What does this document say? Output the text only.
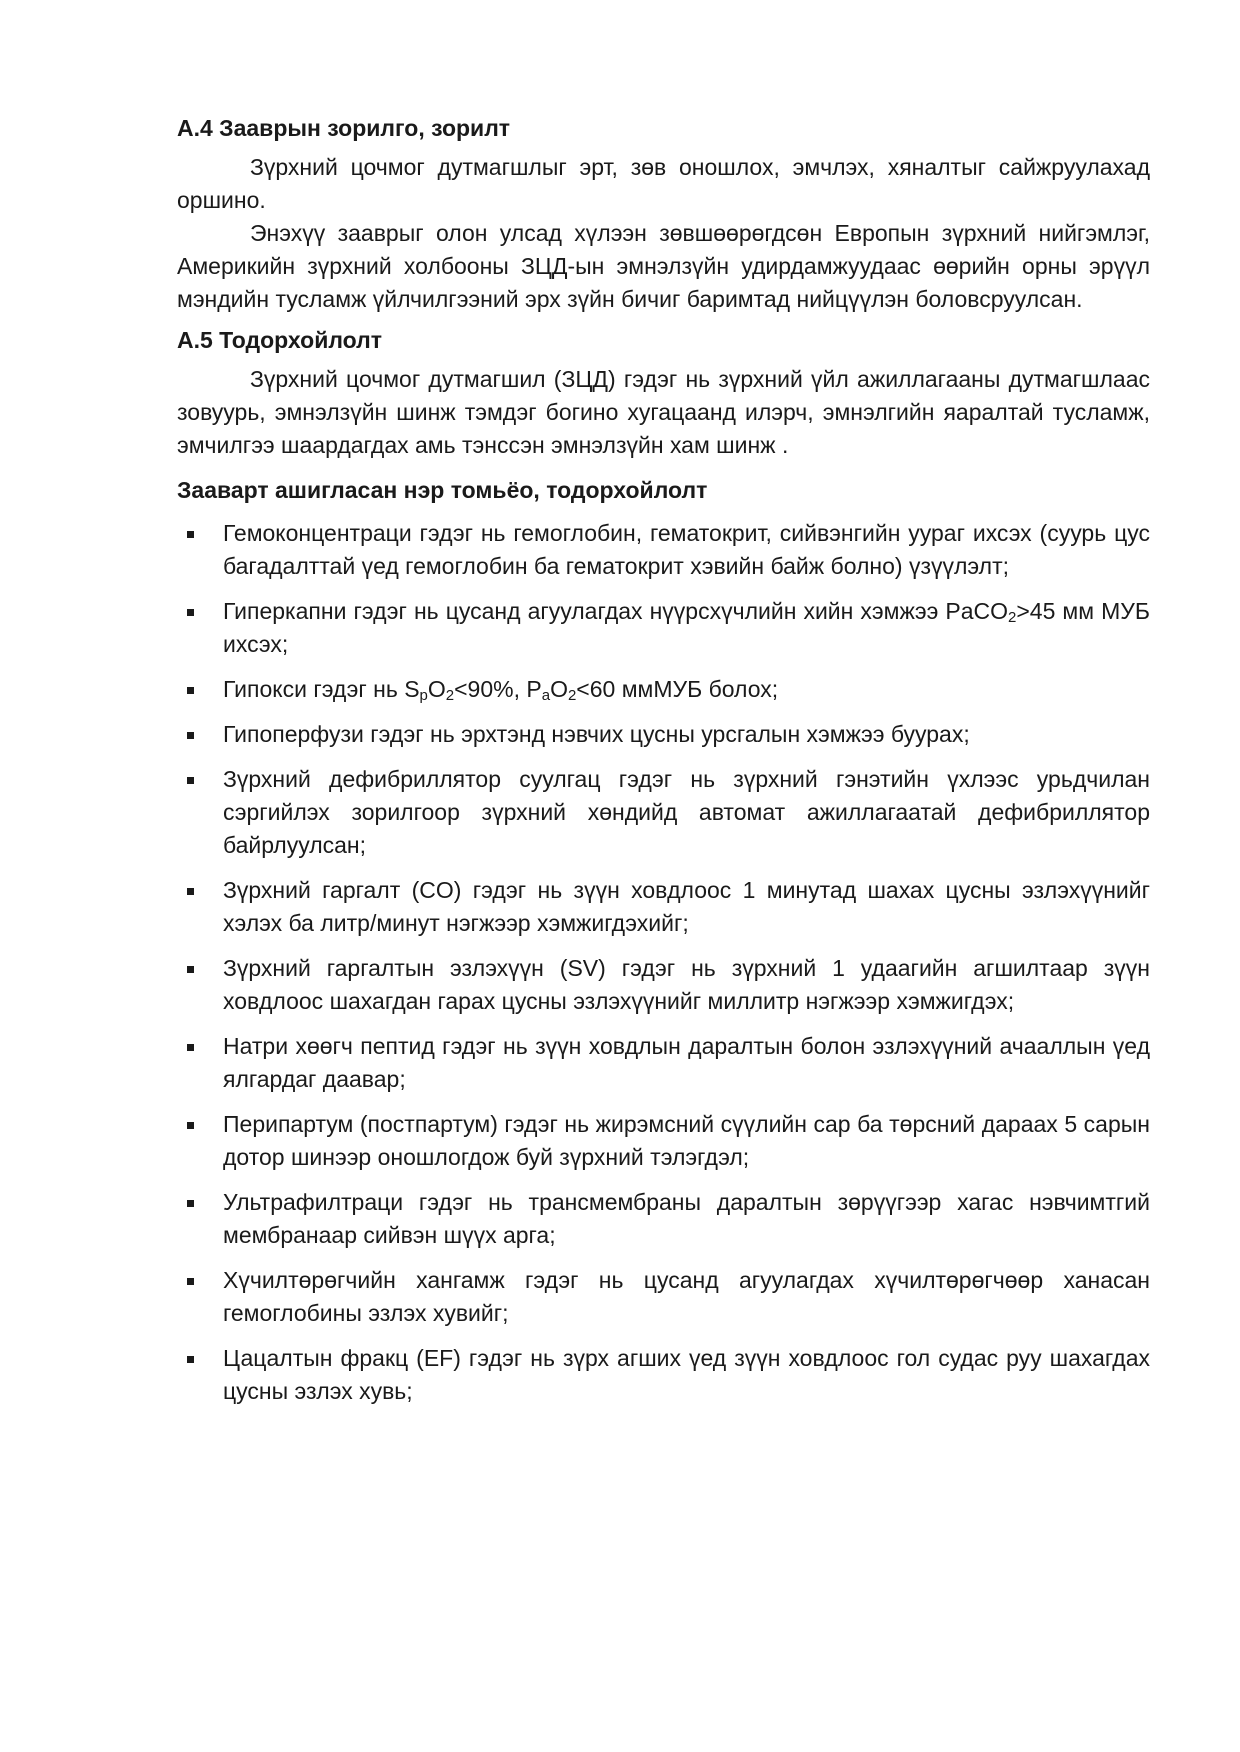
A.4 Зааврын зорилго, зорилт

Зүрхний цочмог дутмагшлыг эрт, зөв оношлох, эмчлэх, хяналтыг сайжруулахад оршино.

Энэхүү зааврыг олон улсад хүлээн зөвшөөрөгдсөн Европын зүрхний нийгэмлэг, Америкийн зүрхний холбооны ЗЦД-ын эмнэлзүйн удирдамжуудаас өөрийн орны эрүүл мэндийн тусламж үйлчилгээний эрх зүйн бичиг баримтад нийцүүлэн боловсруулсан.

A.5 Тодорхойлолт

Зүрхний цочмог дутмагшил (ЗЦД) гэдэг нь зүрхний үйл ажиллагааны дутмагшлаас зовуурь, эмнэлзүйн шинж тэмдэг богино хугацаанд илэрч, эмнэлгийн яаралтай тусламж, эмчилгээ шаардагдах амь тэнссэн эмнэлзүйн хам шинж .

Зааварт ашигласан нэр томьёо, тодорхойлолт
Гемоконцентраци гэдэг нь гемоглобин, гематокрит, сийвэнгийн уураг ихсэх (суурь цус багадалттай үед гемоглобин ба гематокрит хэвийн байж болно) үзүүлэлт;
Гиперкапни гэдэг нь цусанд агуулагдах нүүрсхүчлийн хийн хэмжээ PaCO$_2$>45 мм МУБ ихсэх;
Гипокси гэдэг нь $S_pO_2<90\%$, $P_aO_2<60$ ммМУБ болох;
Гипоперфузи гэдэг нь эрхтэнд нэвчих цусны урсгалын хэмжээ буурах;
Зүрхний дефибриллятор суулгац гэдэг нь зүрхний гэнэтийн үхлээс урьдчилан сэргийлэх зорилгоор зүрхний хөндийд автомат ажиллагаатай дефибриллятор байрлуулсан;
Зүрхний гаргалт (CO) гэдэг нь зүүн ховдлоос 1 минутад шахах цусны эзлэхүүнийг хэлэх ба литр/минут нэгжээр хэмжигдэхийг;
Зүрхний гаргалтын эзлэхүүн (SV) гэдэг нь зүрхний 1 удаагийн агшилтаар зүүн ховдлоос шахагдан гарах цусны эзлэхүүнийг миллитр нэгжээр хэмжигдэх;
Натри хөөгч пептид гэдэг нь зүүн ховдлын даралтын болон эзлэхүүний ачааллын үед ялгардаг даавар;
Перипартум (постпартум) гэдэг нь жирэмсний сүүлийн сар ба төрсний дараах 5 сарын дотор шинээр оношлогдож буй зүрхний тэлэгдэл;
Ультрафилтраци гэдэг нь трансмембраны даралтын зөрүүгээр хагас нэвчимтгий мембранаар сийвэн шүүх арга;
Хүчилтөрөгчийн хангамж гэдэг нь цусанд агуулагдах хүчилтөрөгчөөр ханасан гемоглобины эзлэх хувийг;
Цацалтын фракц (EF) гэдэг нь зүрх агших үед зүүн ховдлоос гол судас руу шахагдах цусны эзлэх хувь;
